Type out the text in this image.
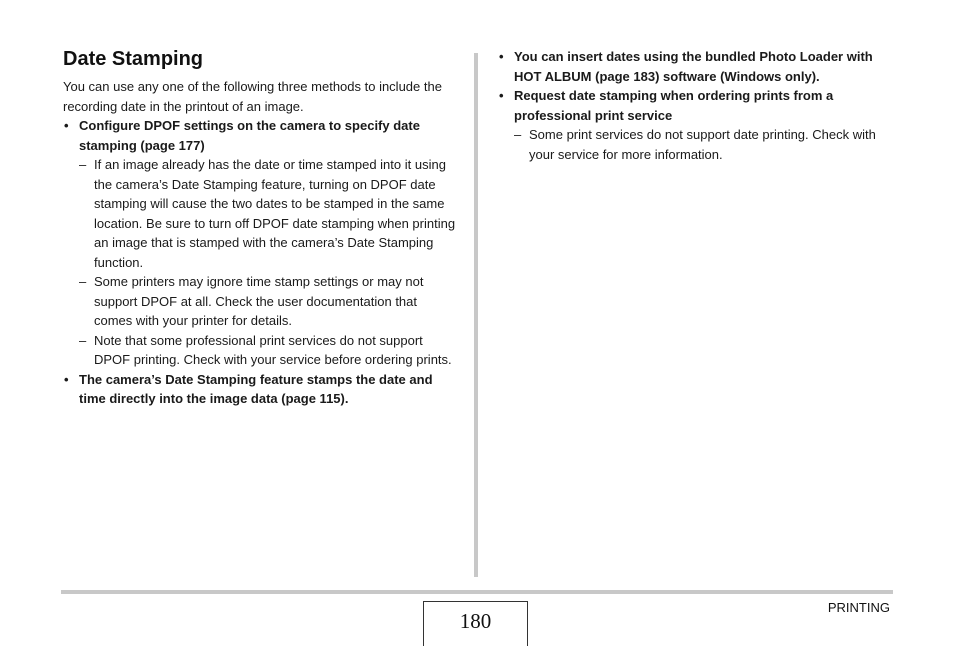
Date Stamping

You can use any one of the following three methods to include the recording date in the printout of an image.

• Configure DPOF settings on the camera to specify date stamping (page 177)
– If an image already has the date or time stamped into it using the camera’s Date Stamping feature, turning on DPOF date stamping will cause the two dates to be stamped in the same location. Be sure to turn off DPOF date stamping when printing an image that is stamped with the camera’s Date Stamping function.
– Some printers may ignore time stamp settings or may not support DPOF at all. Check the user documentation that comes with your printer for details.
– Note that some professional print services do not support DPOF printing. Check with your service before ordering prints.
• The camera’s Date Stamping feature stamps the date and time directly into the image data (page 115).
• You can insert dates using the bundled Photo Loader with HOT ALBUM (page 183) software (Windows only).
• Request date stamping when ordering prints from a professional print service
– Some print services do not support date printing. Check with your service for more information.
180
PRINTING
